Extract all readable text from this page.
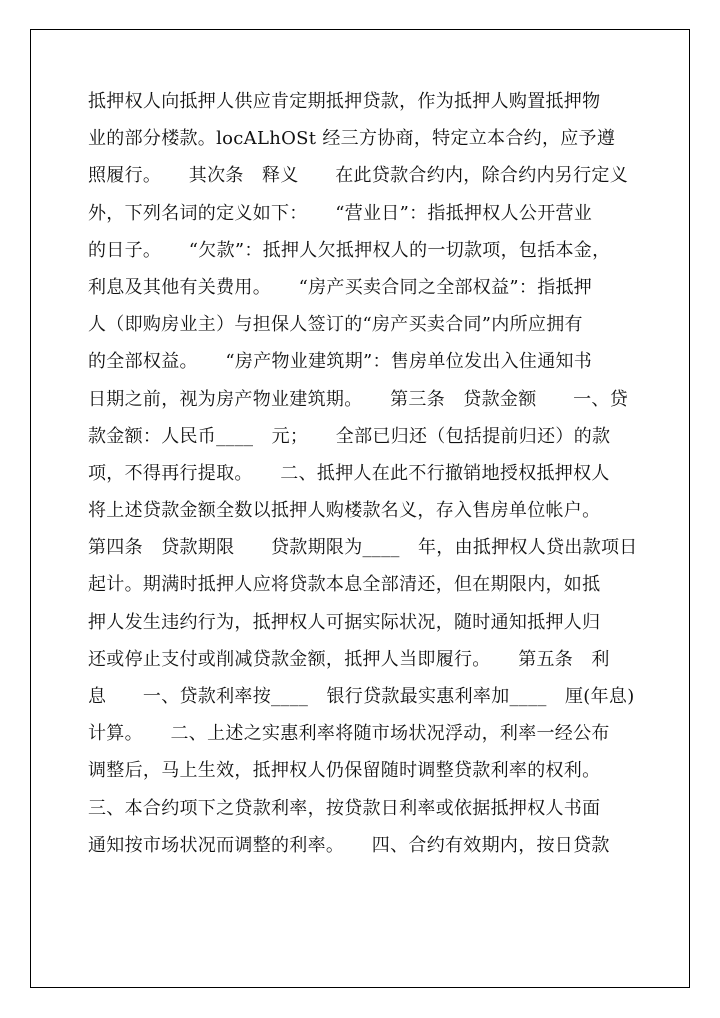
抵押权人向抵押人供应肯定期抵押贷款，作为抵押人购置抵押物
业的部分楼款。locALhOSt 经三方协商，特定立本合约，应予遵
照履行。　　其次条　释义　　在此贷款合约内，除合约内另行定义
外，下列名词的定义如下：　　“营业日”：指抵押权人公开营业
的日子。　　“欠款”：抵押人欠抵押权人的一切款项，包括本金，
利息及其他有关费用。　　“房产买卖合同之全部权益”：指抵押
人（即购房业主）与担保人签订的“房产买卖合同”内所应拥有
的全部权益。　　“房产物业建筑期”：售房单位发出入住通知书
日期之前，视为房产物业建筑期。　　第三条　贷款金额　　一、贷
款金额：人民币____　元；　　全部已归还（包括提前归还）的款
项，不得再行提取。　　二、抵押人在此不行撤销地授权抵押权人
将上述贷款金额全数以抵押人购楼款名义，存入售房单位帐户。
第四条　贷款期限　　贷款期限为____　年，由抵押权人贷出款项日
起计。期满时抵押人应将贷款本息全部清还，但在期限内，如抵
押人发生违约行为，抵押权人可据实际状况，随时通知抵押人归
还或停止支付或削减贷款金额，抵押人当即履行。　　第五条　利
息　　一、贷款利率按____　银行贷款最实惠利率加____　厘(年息)
计算。　　二、上述之实惠利率将随市场状况浮动，利率一经公布
调整后，马上生效，抵押权人仍保留随时调整贷款利率的权利。
三、本合约项下之贷款利率，按贷款日利率或依据抵押权人书面
通知按市场状况而调整的利率。　　四、合约有效期内，按日贷款
